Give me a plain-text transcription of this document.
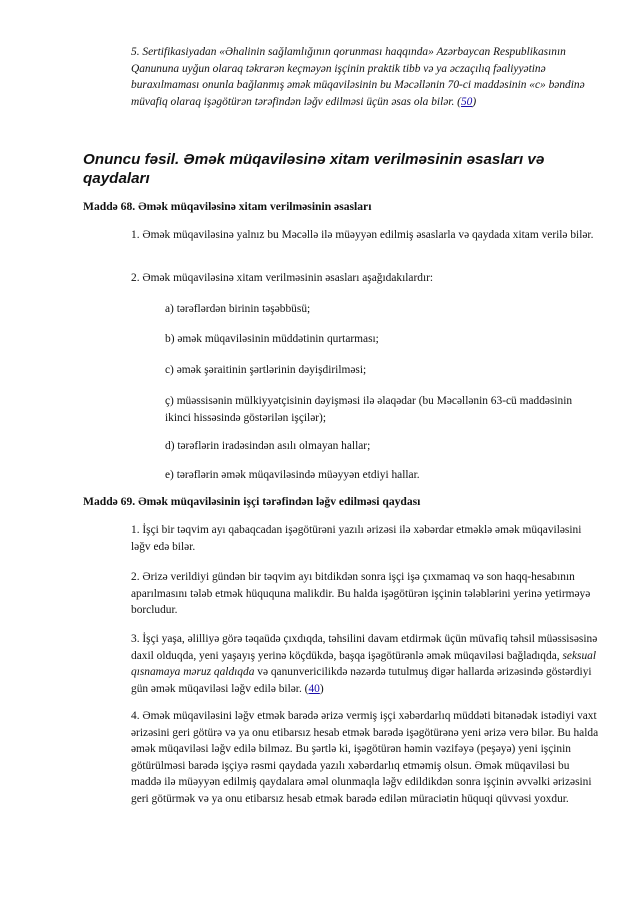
5. Sertifikasiyadan «Əhalinin sağlamlığının qorunması haqqında» Azərbaycan Respublikasının Qanununa uyğun olaraq təkrarən keçməyən işçinin praktik tibb və ya əczaçılıq fəaliyyətinə buraxılmaması onunla bağlanmış əmək müqaviləsinin bu Məcəllənin 70-ci maddəsinin «c» bəndinə müvafiq olaraq işəgötürən tərəfindən ləğv edilməsi üçün əsas ola bilər. (50)

Onuncu fəsil. Əmək müqaviləsinə xitam verilməsinin əsasları və qaydaları

Maddə 68. Əmək müqaviləsinə xitam verilməsinin əsasları

1. Əmək müqaviləsinə yalnız bu Məcəllə ilə müəyyən edilmiş əsaslarla və qaydada xitam verilə bilər.

2. Əmək müqaviləsinə xitam verilməsinin əsasları aşağıdakılardır:

a) tərəflərdən birinin təşəbbüsü;

b) əmək müqaviləsinin müddətinin qurtarması;

c) əmək şəraitinin şərtlərinin dəyişdirilməsi;

ç) müəssisənin mülkiyyətçisinin dəyişməsi ilə əlaqədar (bu Məcəllənin 63-cü maddəsinin ikinci hissəsində göstərilən işçilər);

d) tərəflərin iradəsindən asılı olmayan hallar;

e) tərəflərin əmək müqaviləsində müəyyən etdiyi hallar.

Maddə 69. Əmək müqaviləsinin işçi tərəfindən ləğv edilməsi qaydası

1. İşçi bir təqvim ayı qabaqcadan işəgötürəni yazılı ərizəsi ilə xəbərdar etməklə əmək müqaviləsini ləğv edə bilər.

2. Ərizə verildiyi gündən bir təqvim ayı bitdikdən sonra işçi işə çıxmamaq və son haqq-hesabının aparılmasını tələb etmək hüququna malikdir. Bu halda işəgötürən işçinin tələblərini yerinə yetirməyə borcludur.

3. İşçi yaşa, əlilliyə görə təqaüdə çıxdıqda, təhsilini davam etdirmək üçün müvafiq təhsil müəssisəsinə daxil olduqda, yeni yaşayış yerinə köçdükdə, başqa işəgötürənlə əmək müqaviləsi bağladıqda, seksual qısnamaya məruz qaldıqda və qanunvericilikdə nəzərdə tutulmuş digər hallarda ərizəsində göstərdiyi gün əmək müqaviləsi ləğv edilə bilər. (40)

4. Əmək müqaviləsini ləğv etmək barədə ərizə vermiş işçi xəbərdarlıq müddəti bitənədək istədiyi vaxt ərizəsini geri götürə və ya onu etibarsız hesab etmək barədə işəgötürənə yeni ərizə verə bilər. Bu halda əmək müqaviləsi ləğv edilə bilməz. Bu şərtlə ki, işəgötürən həmin vəzifəyə (peşəyə) yeni işçinin götürülməsi barədə işçiyə rəsmi qaydada yazılı xəbərdarlıq etməmiş olsun. Əmək müqaviləsi bu maddə ilə müəyyən edilmiş qaydalara əməl olunmaqla ləğv edildikdən sonra işçinin əvvəlki ərizəsini geri götürmək və ya onu etibarsız hesab etmək barədə edilən müraciətin hüquqi qüvvəsi yoxdur.
